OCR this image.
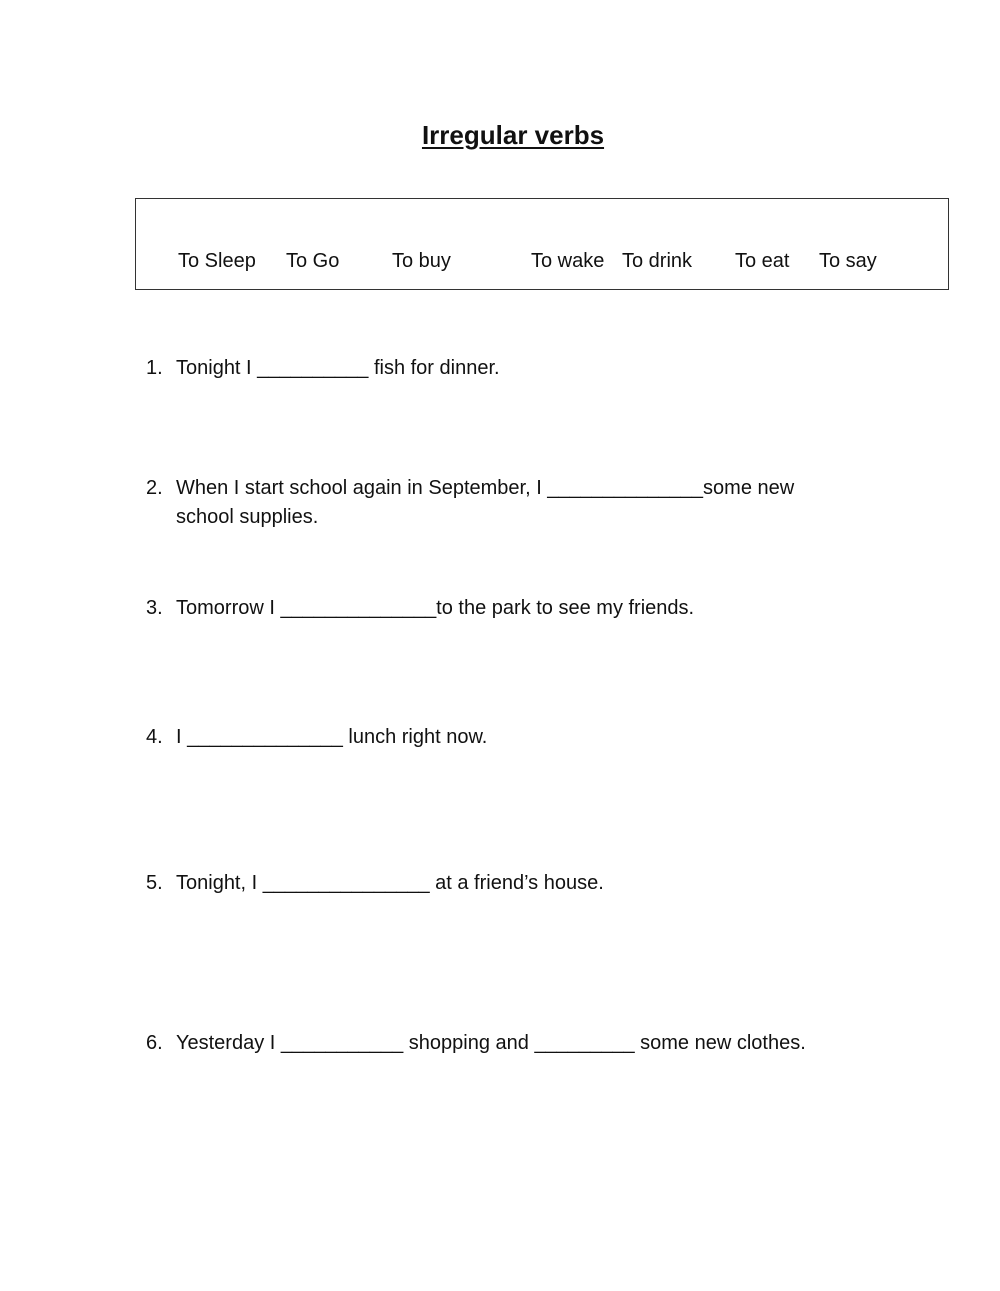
Irregular verbs
To Sleep To Go	To buy	To wake To drink To eat To say
1. Tonight I __________ fish for dinner.
2. When I start school again in September, I ______________some new
school supplies.
3. Tomorrow I ______________to the park to see my friends.
4. I ______________ lunch right now.
5. Tonight, I _______________ at a friend’s house.
6. Yesterday I ___________ shopping and _________ some new clothes.
